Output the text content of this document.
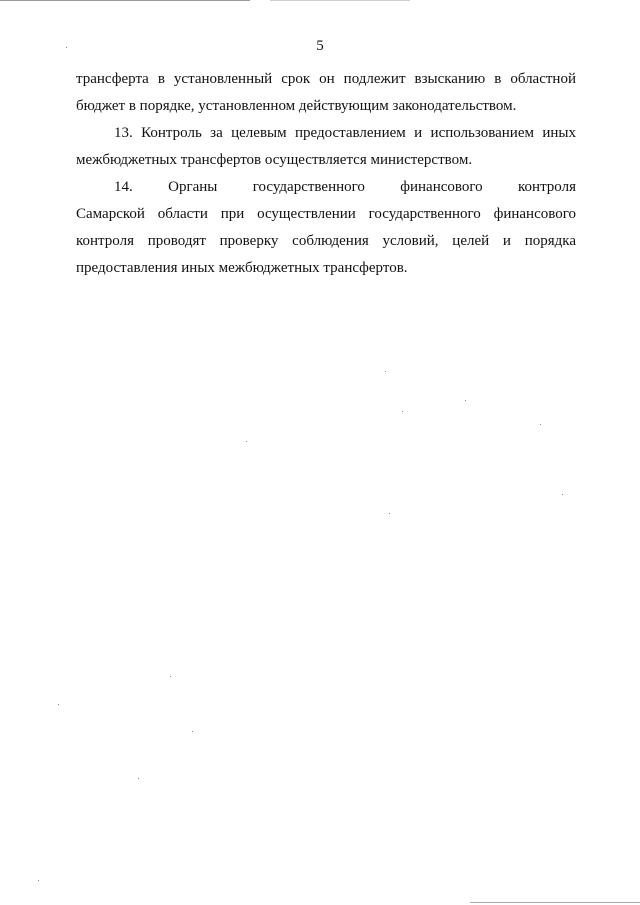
5
трансферта в установленный срок он подлежит взысканию в областной
бюджет в порядке, установленном действующим законодательством.
13. Контроль за целевым предоставлением и использованием иных
межбюджетных трансфертов осуществляется министерством.
14. Органы государственного финансового контроля
Самарской области при осуществлении государственного финансового
контроля проводят проверку соблюдения условий, целей и порядка
предоставления иных межбюджетных трансфертов.
